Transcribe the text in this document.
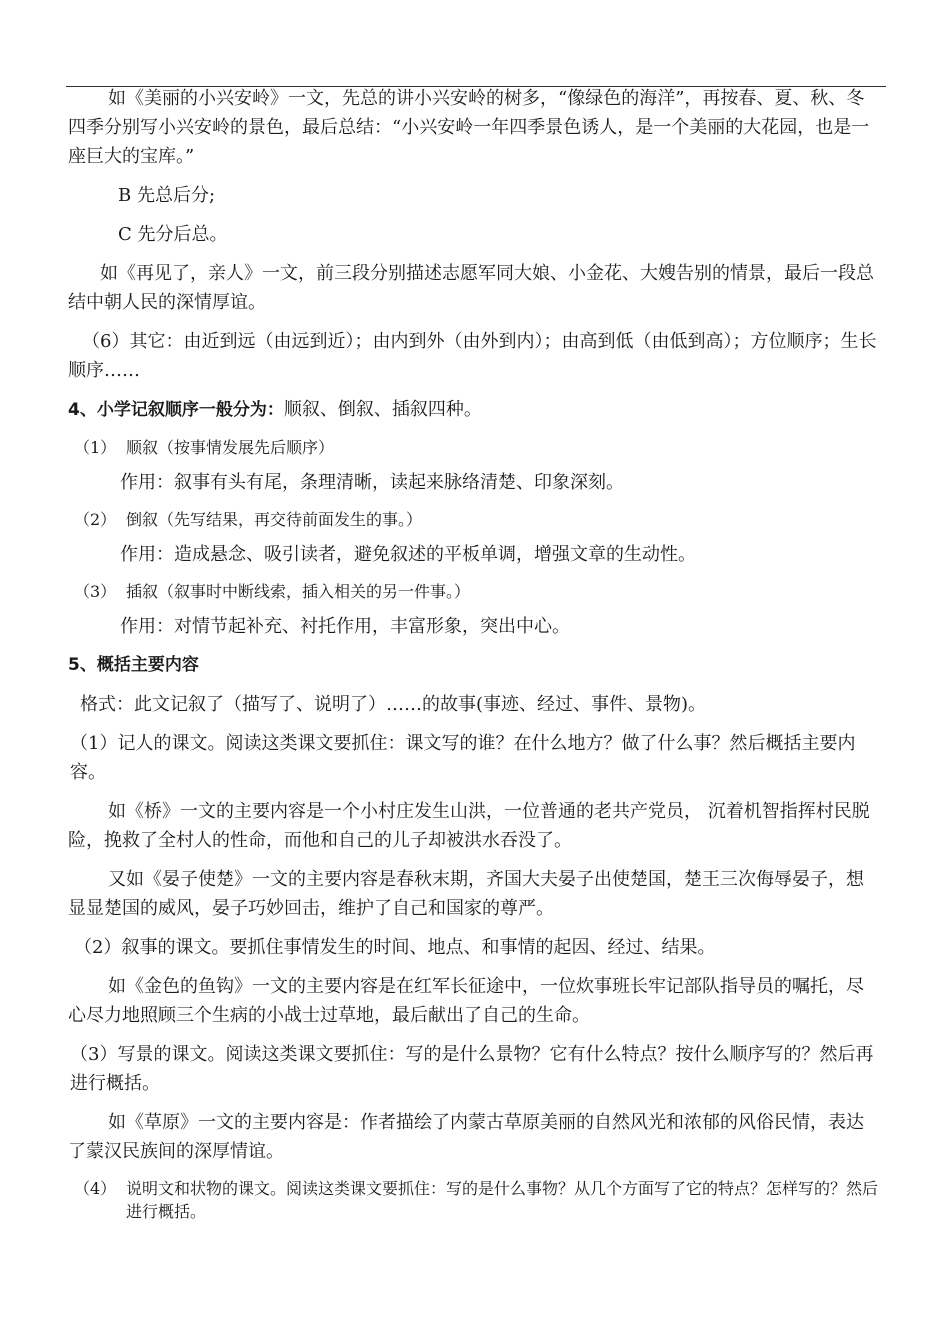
如《美丽的小兴安岭》一文，先总的讲小兴安岭的树多，“像绿色的海洋”，再按春、夏、秋、冬四季分别写小兴安岭的景色，最后总结：“小兴安岭一年四季景色诱人，是一个美丽的大花园，也是一座巨大的宝库。”

B 先总后分;

C 先分后总。

如《再见了，亲人》一文，前三段分别描述志愿军同大娘、小金花、大嫂告别的情景，最后一段总结中朝人民的深情厚谊。

（6）其它：由近到远（由远到近）；由内到外（由外到内）；由高到低（由低到高）；方位顺序；生长顺序……

4、小学记叙顺序一般分为：顺叙、倒叙、插叙四种。

（1） 顺叙（按事情发展先后顺序）

作用：叙事有头有尾，条理清晰，读起来脉络清楚、印象深刻。

（2） 倒叙（先写结果，再交待前面发生的事。）

作用：造成悬念、吸引读者，避免叙述的平板单调，增强文章的生动性。

（3） 插叙（叙事时中断线索，插入相关的另一件事。）

作用：对情节起补充、衬托作用，丰富形象，突出中心。

5、概括主要内容

格式：此文记叙了（描写了、说明了）……的故事(事迹、经过、事件、景物)。

（1）记人的课文。阅读这类课文要抓住：课文写的谁？在什么地方？做了什么事？然后概括主要内容。

如《桥》一文的主要内容是一个小村庄发生山洪，一位普通的老共产党员， 沉着机智指挥村民脱险，挽救了全村人的性命，而他和自己的儿子却被洪水吞没了。

又如《晏子使楚》一文的主要内容是春秋末期，齐国大夫晏子出使楚国，楚王三次侮辱晏子，想显显楚国的威风，晏子巧妙回击，维护了自己和国家的尊严。

（2）叙事的课文。要抓住事情发生的时间、地点、和事情的起因、经过、结果。

如《金色的鱼钩》一文的主要内容是在红军长征途中，一位炊事班长牢记部队指导员的嘱托，尽心尽力地照顾三个生病的小战士过草地，最后献出了自己的生命。

（3）写景的课文。阅读这类课文要抓住：写的是什么景物？它有什么特点？按什么顺序写的？然后再进行概括。

如《草原》一文的主要内容是：作者描绘了内蒙古草原美丽的自然风光和浓郁的风俗民情，表达了蒙汉民族间的深厚情谊。

（4） 说明文和状物的课文。阅读这类课文要抓住：写的是什么事物？从几个方面写了它的特点？怎样写的？然后进行概括。
